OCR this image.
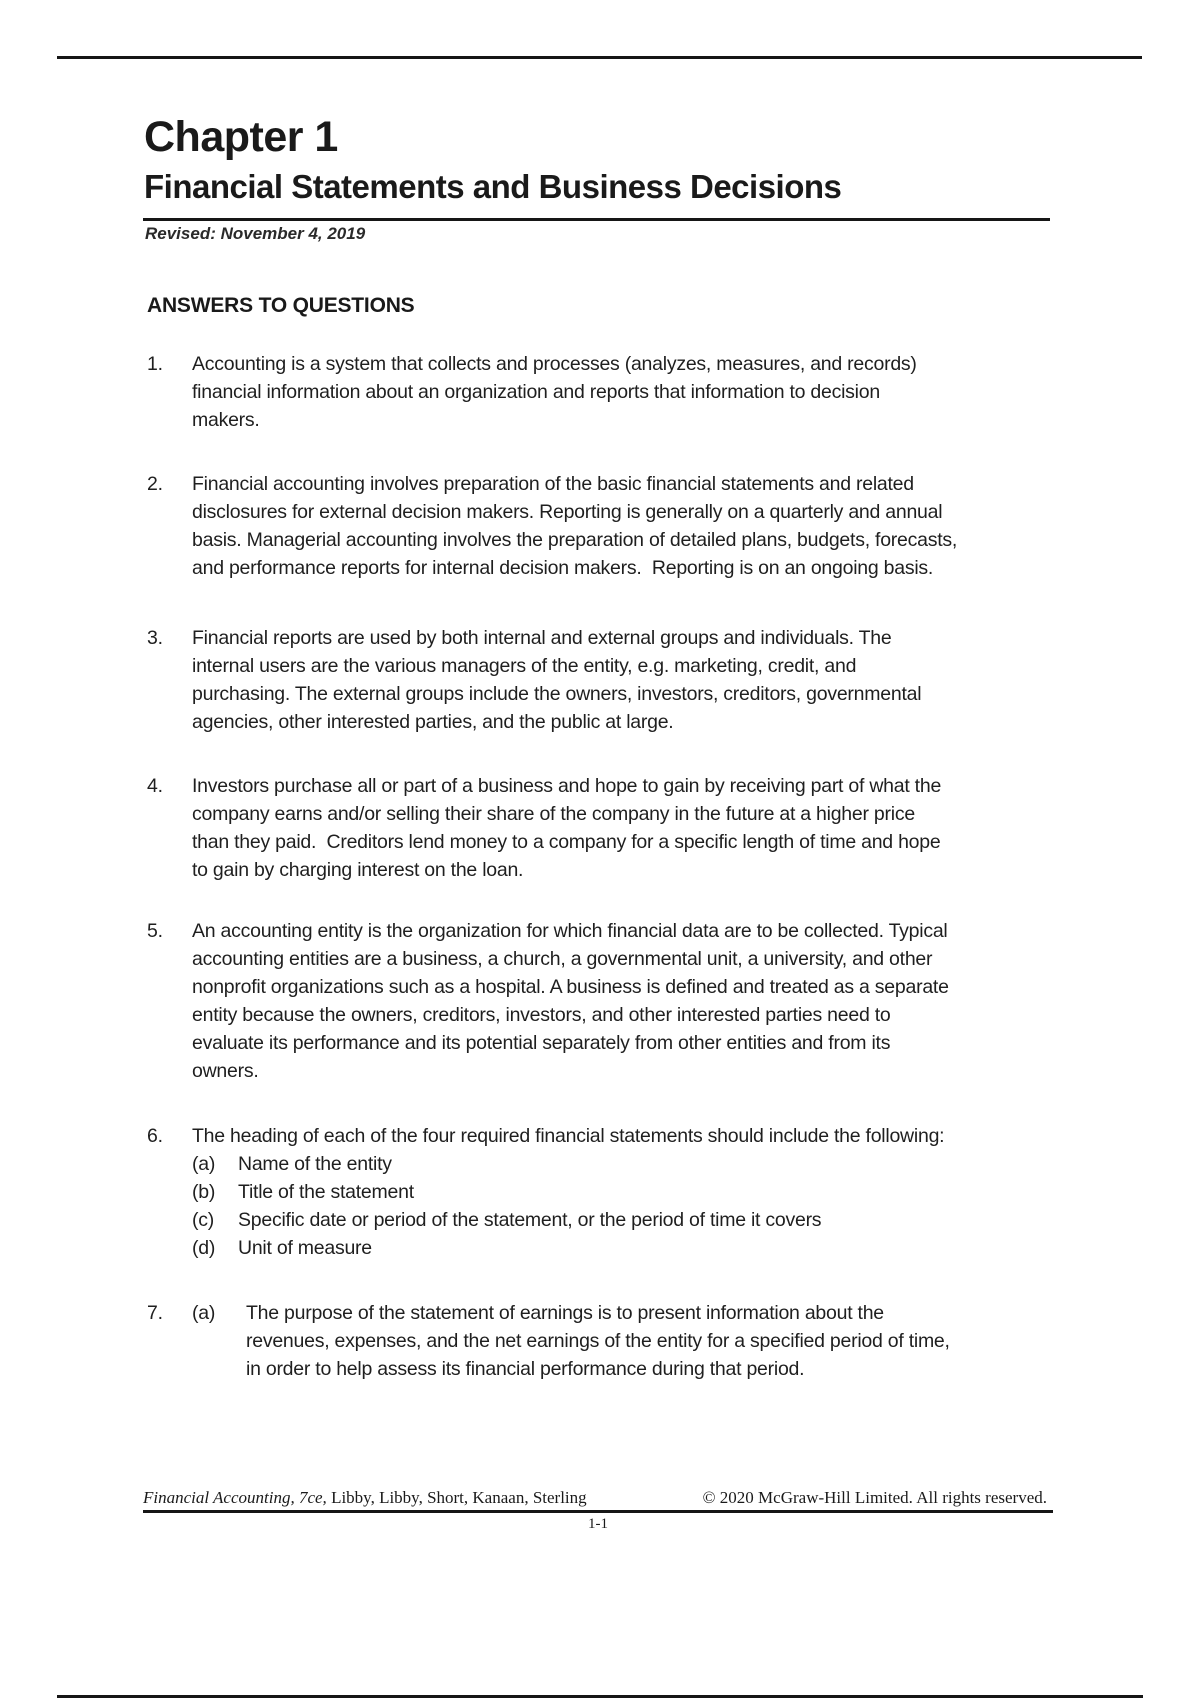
Chapter 1
Financial Statements and Business Decisions
Revised: November 4, 2019
ANSWERS TO QUESTIONS
1.	Accounting is a system that collects and processes (analyzes, measures, and records)
financial information about an organization and reports that information to decision
makers.
2.	Financial accounting involves preparation of the basic financial statements and related
disclosures for external decision makers. Reporting is generally on a quarterly and annual
basis. Managerial accounting involves the preparation of detailed plans, budgets, forecasts,
and performance reports for internal decision makers.  Reporting is on an ongoing basis.
3.	Financial reports are used by both internal and external groups and individuals. The
internal users are the various managers of the entity, e.g. marketing, credit, and
purchasing. The external groups include the owners, investors, creditors, governmental
agencies, other interested parties, and the public at large.
4.	Investors purchase all or part of a business and hope to gain by receiving part of what the
company earns and/or selling their share of the company in the future at a higher price
than they paid.  Creditors lend money to a company for a specific length of time and hope
to gain by charging interest on the loan.
5.	An accounting entity is the organization for which financial data are to be collected. Typical
accounting entities are a business, a church, a governmental unit, a university, and other
nonprofit organizations such as a hospital. A business is defined and treated as a separate
entity because the owners, creditors, investors, and other interested parties need to
evaluate its performance and its potential separately from other entities and from its
owners.
6.	The heading of each of the four required financial statements should include the following:
(a)	Name of the entity
(b)	Title of the statement
(c)	Specific date or period of the statement, or the period of time it covers
(d)	Unit of measure
7.	(a)	The purpose of the statement of earnings is to present information about the
revenues, expenses, and the net earnings of the entity for a specified period of time,
in order to help assess its financial performance during that period.
Financial Accounting, 7ce, Libby, Libby, Short, Kanaan, Sterling	© 2020 McGraw-Hill Limited. All rights reserved.
1-1
